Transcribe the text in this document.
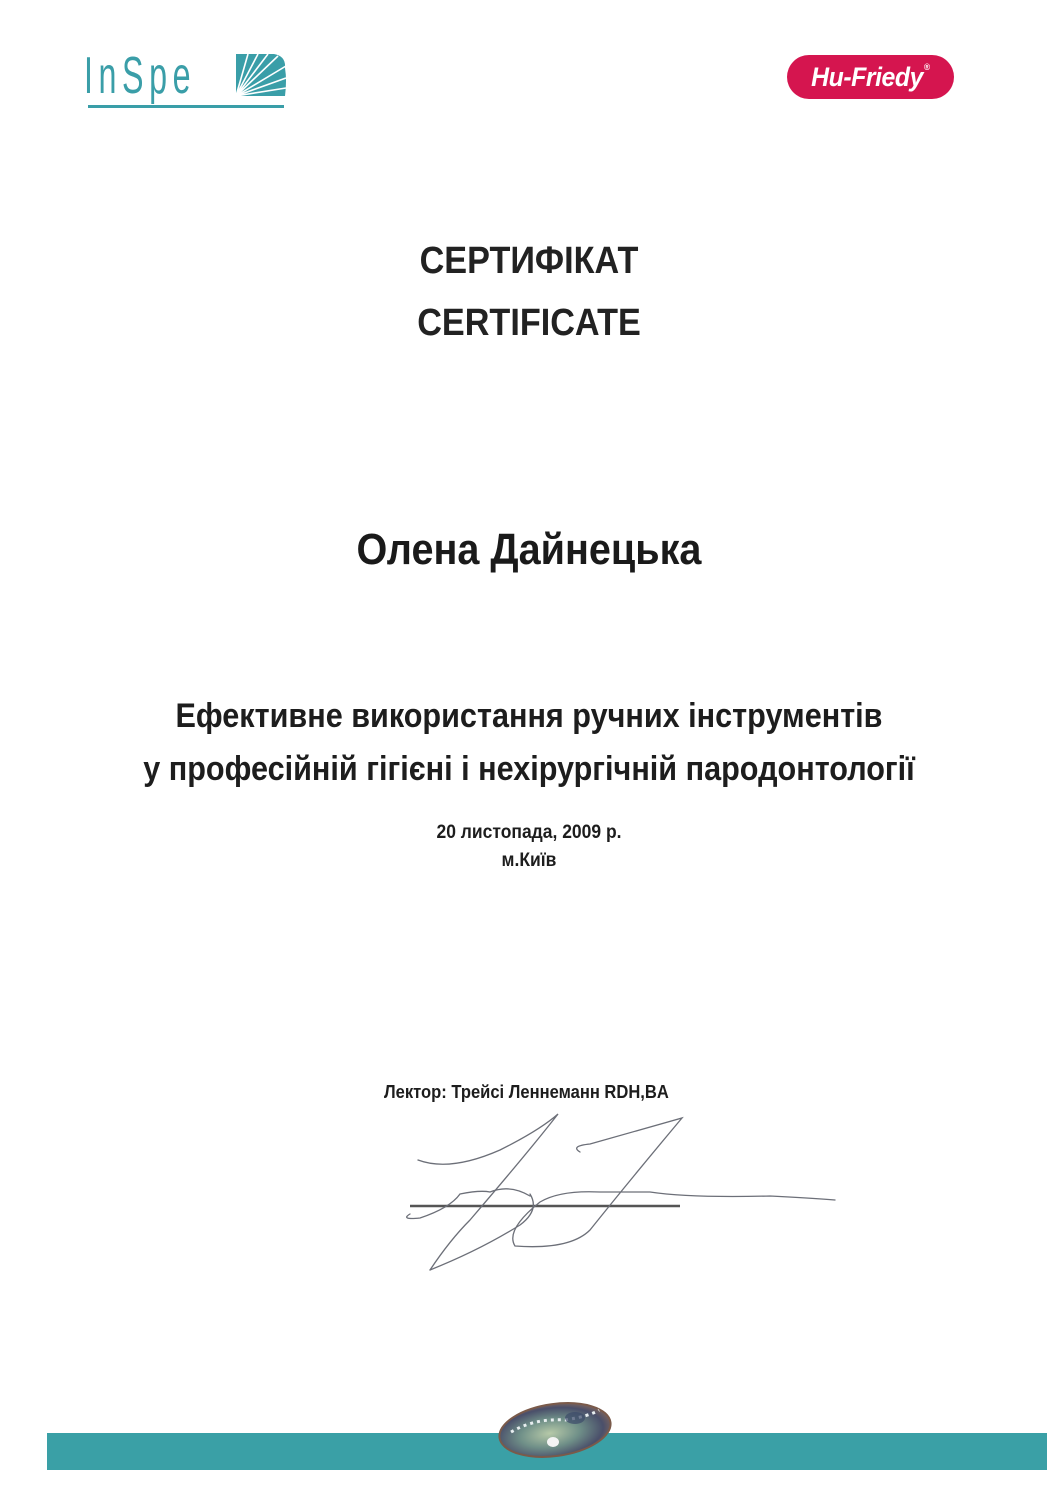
InSpe	Hu-Friedy®
СЕРТИФІКАТ
CERTIFICATE
Олена Дайнецька
Ефективне використання ручних інструментів
у професійній гігієні і нехірургічній пародонтології
20 листопада, 2009 р.
м.Київ
Лектор: Трейсі Леннеманн RDH,BA
